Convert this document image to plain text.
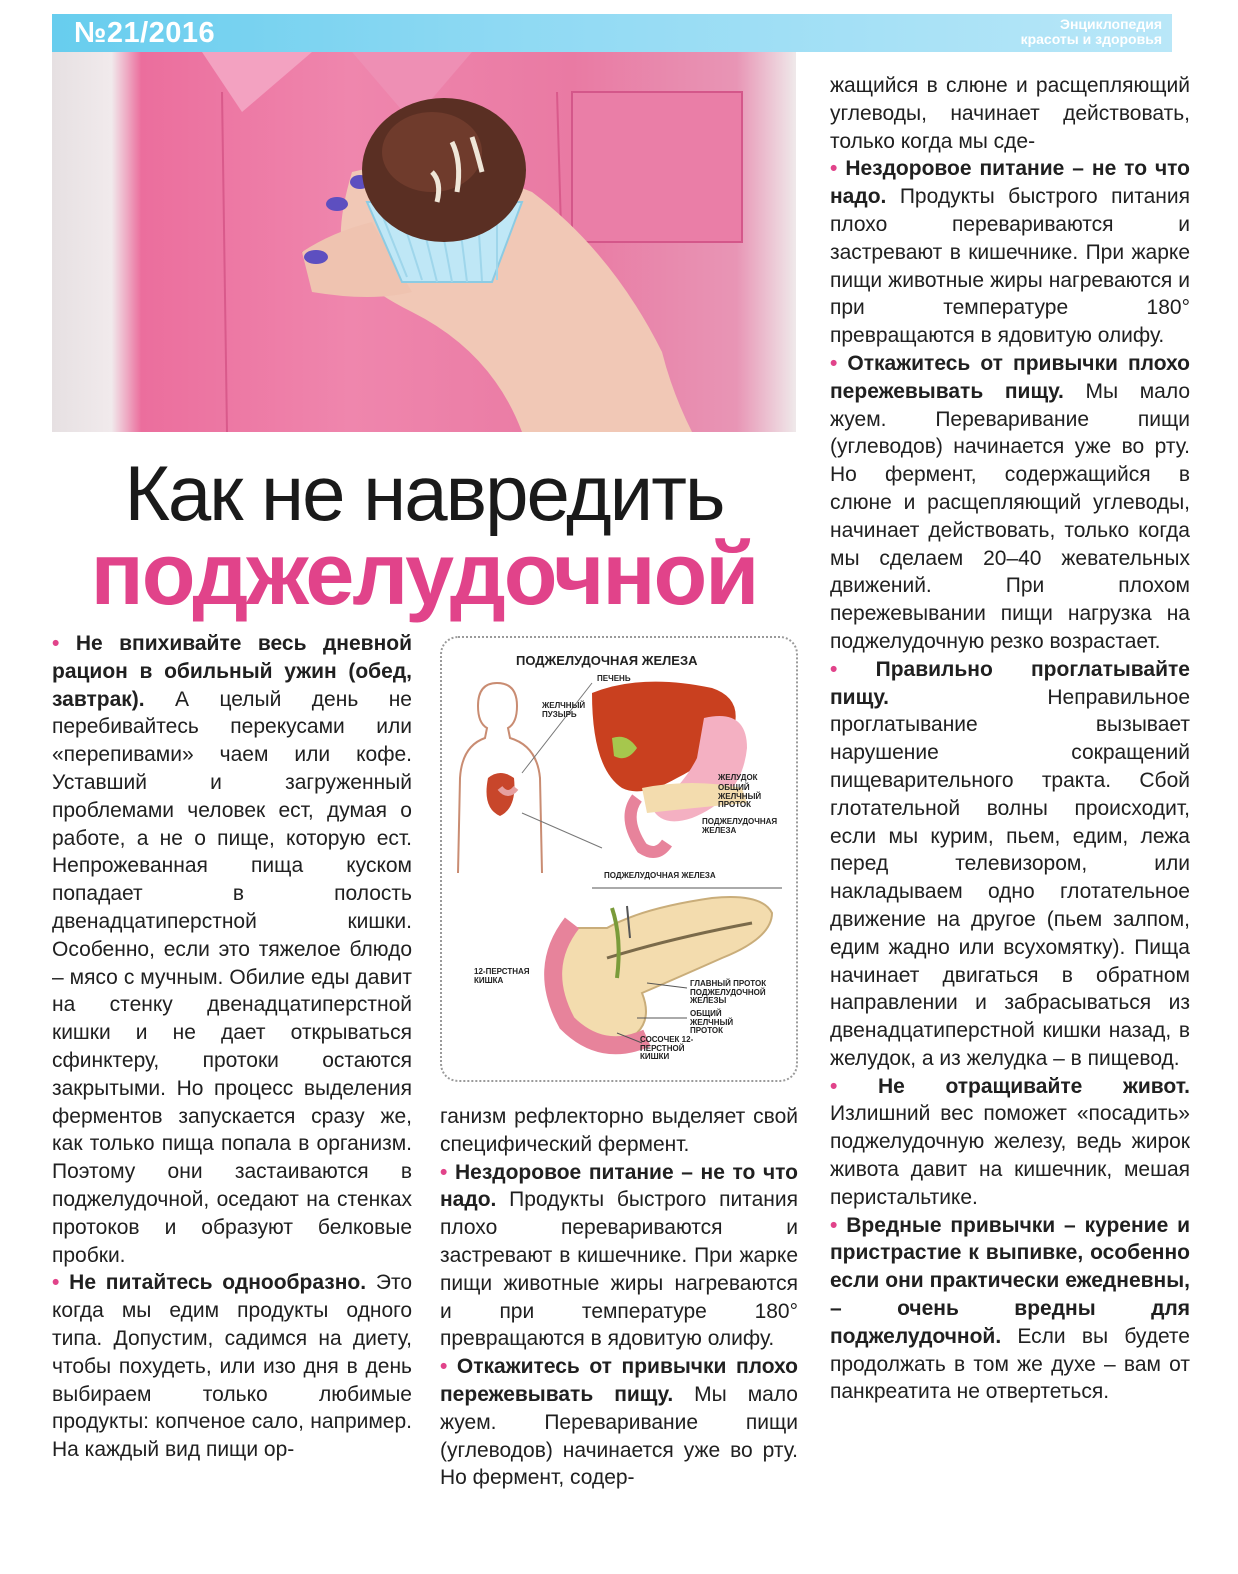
№21/2016	Энциклопедия
красоты и здоровья
Как не навредить
поджелудочной

• Не впихивайте весь дневной рацион в обильный ужин (обед, завтрак). А целый день не перебивайтесь перекусами или «перепивами» чаем или кофе. Уставший и загруженный проблемами человек ест, думая о работе, а не о пище, которую ест. Непрожеванная пища куском попадает в полость двенадцатиперстной кишки. Особенно, если это тяжелое блюдо – мясо с мучным. Обилие еды давит на стенку двенадцатиперстной кишки и не дает открываться сфинктеру, протоки остаются закрытыми. Но процесс выделения ферментов запускается сразу же, как только пища попала в организм. Поэтому они застаиваются в поджелудочной, оседают на стенках протоков и образуют белковые пробки.

• Не питайтесь однообразно. Это когда мы едим продукты одного типа. Допустим, садимся на диету, чтобы похудеть, или изо дня в день выбираем только любимые продукты: копченое сало, например. На каждый вид пищи ор-

ПОДЖЕЛУДОЧНАЯ ЖЕЛЕЗА
ПЕЧЕНЬ
ЖЕЛЧНЫЙ ПУЗЫРЬ
ЖЕЛУДОК
ОБЩИЙ ЖЕЛЧНЫЙ ПРОТОК
ПОДЖЕЛУДОЧНАЯ ЖЕЛЕЗА
ПОДЖЕЛУДОЧНАЯ ЖЕЛЕЗА
12-ПЕРСТНАЯ КИШКА	ГЛАВНЫЙ ПРОТОК ПОДЖЕЛУДОЧНОЙ ЖЕЛЕЗЫ
ОБЩИЙ ЖЕЛЧНЫЙ ПРОТОК
СОСОЧЕК 12-ПЕРСТНОЙ КИШКИ

ганизм рефлекторно выделяет свой специфический фермент.

• Нездоровое питание – не то что надо. Продукты быстрого питания плохо перевариваются и застревают в кишечнике. При жарке пищи животные жиры нагреваются и при температуре 180° превращаются в ядовитую олифу.

• Откажитесь от привычки плохо пережевывать пищу. Мы мало жуем. Переваривание пищи (углеводов) начинается уже во рту. Но фермент, содер-

жащийся в слюне и расщепляющий углеводы, начинает действовать, только когда мы сде-

• Нездоровое питание – не то что надо. Продукты быстрого питания плохо перевариваются и застревают в кишечнике. При жарке пищи животные жиры нагреваются и при температуре 180° превращаются в ядовитую олифу.

• Откажитесь от привычки плохо пережевывать пищу. Мы мало жуем. Переваривание пищи (углеводов) начинается уже во рту. Но фермент, содержащийся в слюне и расщепляющий углеводы, начинает действовать, только когда мы сделаем 20–40 жевательных движений. При плохом пережевывании пищи нагрузка на поджелудочную резко возрастает.

• Правильно проглатывайте пищу. Неправильное проглатывание вызывает нарушение сокращений пищеварительного тракта. Сбой глотательной волны происходит, если мы курим, пьем, едим, лежа перед телевизором, или накладываем одно глотательное движение на другое (пьем залпом, едим жадно или всухомятку). Пища начинает двигаться в обратном направлении и забрасываться из двенадцатиперстной кишки назад, в желудок, а из желудка – в пищевод.

• Не отращивайте живот. Излишний вес поможет «посадить» поджелудочную железу, ведь жирок живота давит на кишечник, мешая перистальтике.

• Вредные привычки – курение и пристрастие к выпивке, особенно если они практически ежедневны, – очень вредны для поджелудочной. Если вы будете продолжать в том же духе – вам от панкреатита не отвертеться.
